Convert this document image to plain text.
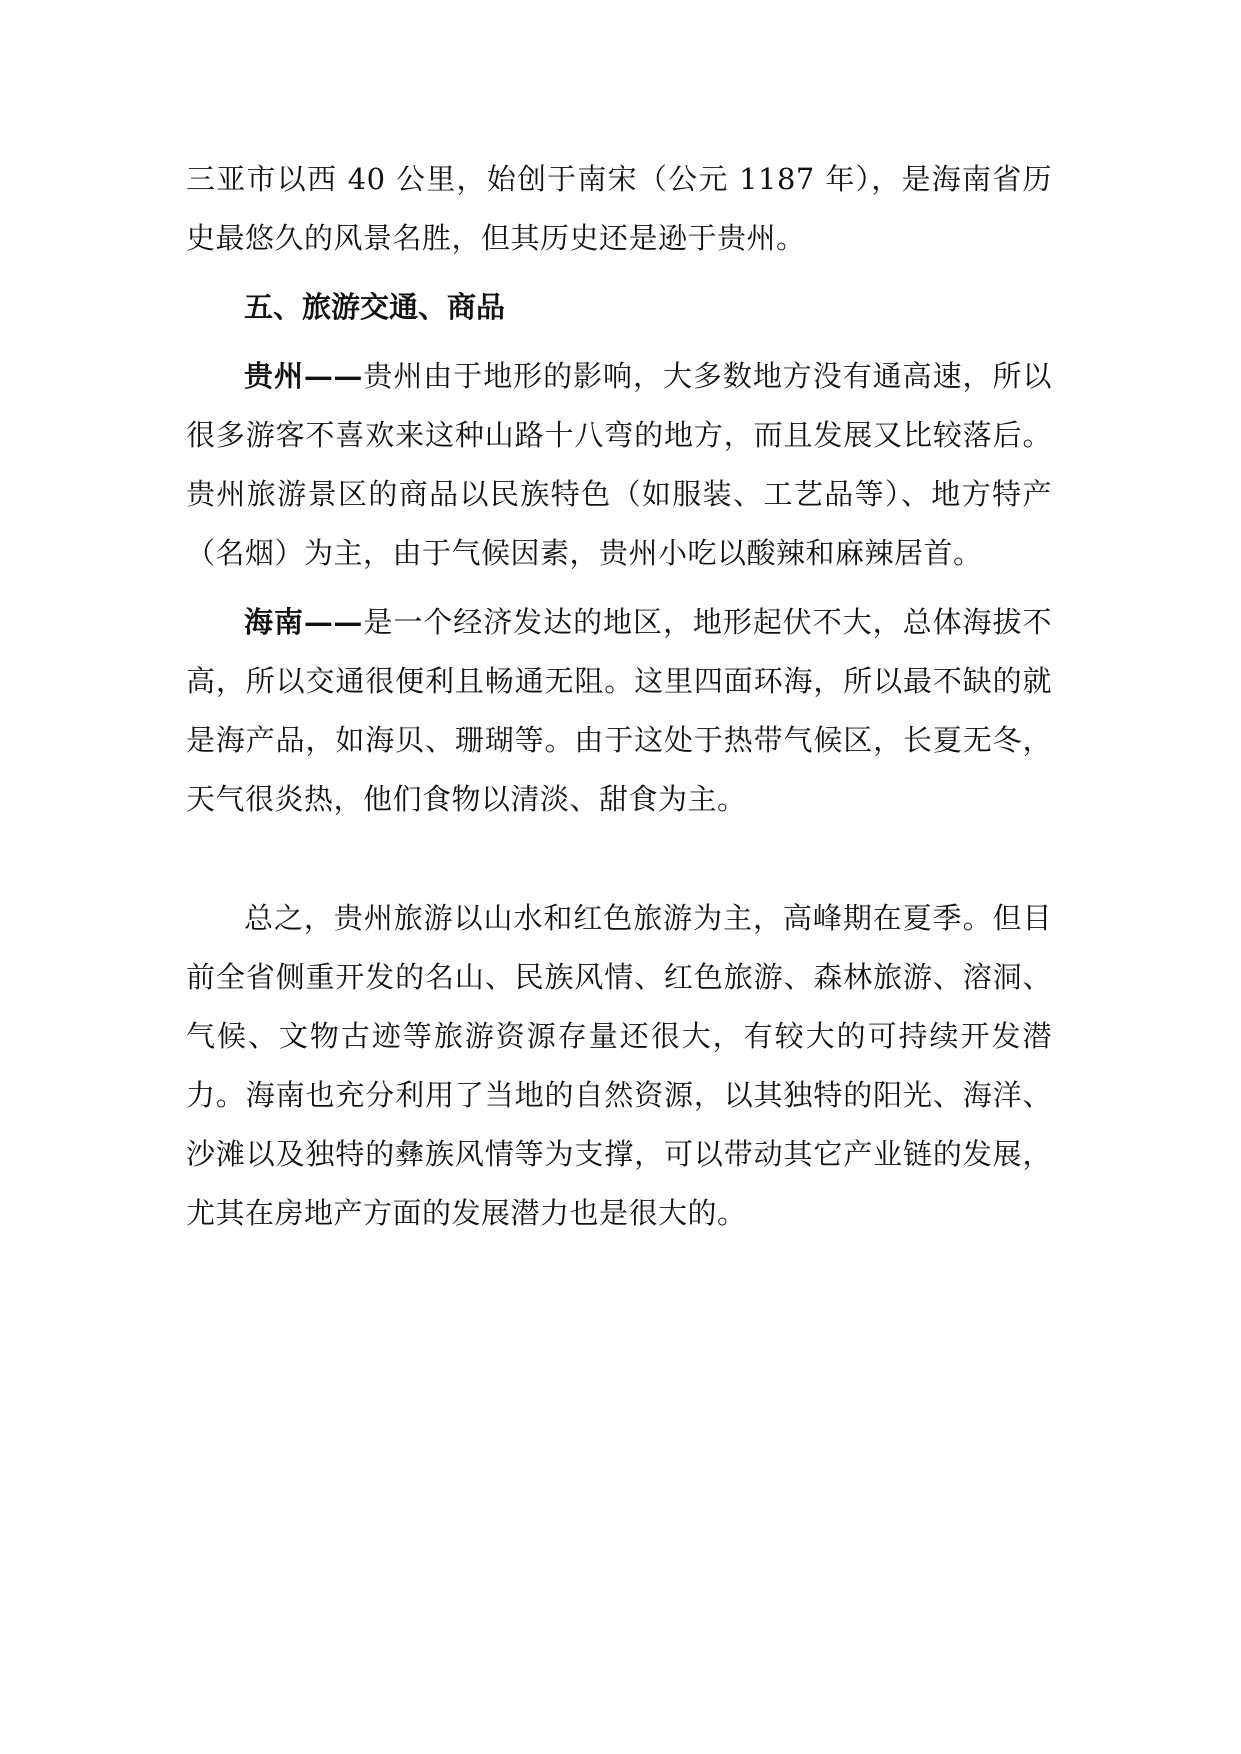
三亚市以西 40 公里，始创于南宋（公元 1187 年），是海南省历史最悠久的风景名胜，但其历史还是逊于贵州。

五、旅游交通、商品

贵州——贵州由于地形的影响，大多数地方没有通高速，所以很多游客不喜欢来这种山路十八弯的地方，而且发展又比较落后。贵州旅游景区的商品以民族特色（如服装、工艺品等）、地方特产（名烟）为主，由于气候因素，贵州小吃以酸辣和麻辣居首。

海南——是一个经济发达的地区，地形起伏不大，总体海拔不高，所以交通很便利且畅通无阻。这里四面环海，所以最不缺的就是海产品，如海贝、珊瑚等。由于这处于热带气候区，长夏无冬，天气很炎热，他们食物以清淡、甜食为主。

总之，贵州旅游以山水和红色旅游为主，高峰期在夏季。但目前全省侧重开发的名山、民族风情、红色旅游、森林旅游、溶洞、气候、文物古迹等旅游资源存量还很大，有较大的可持续开发潜力。海南也充分利用了当地的自然资源，以其独特的阳光、海洋、沙滩以及独特的彝族风情等为支撑，可以带动其它产业链的发展，尤其在房地产方面的发展潜力也是很大的。
